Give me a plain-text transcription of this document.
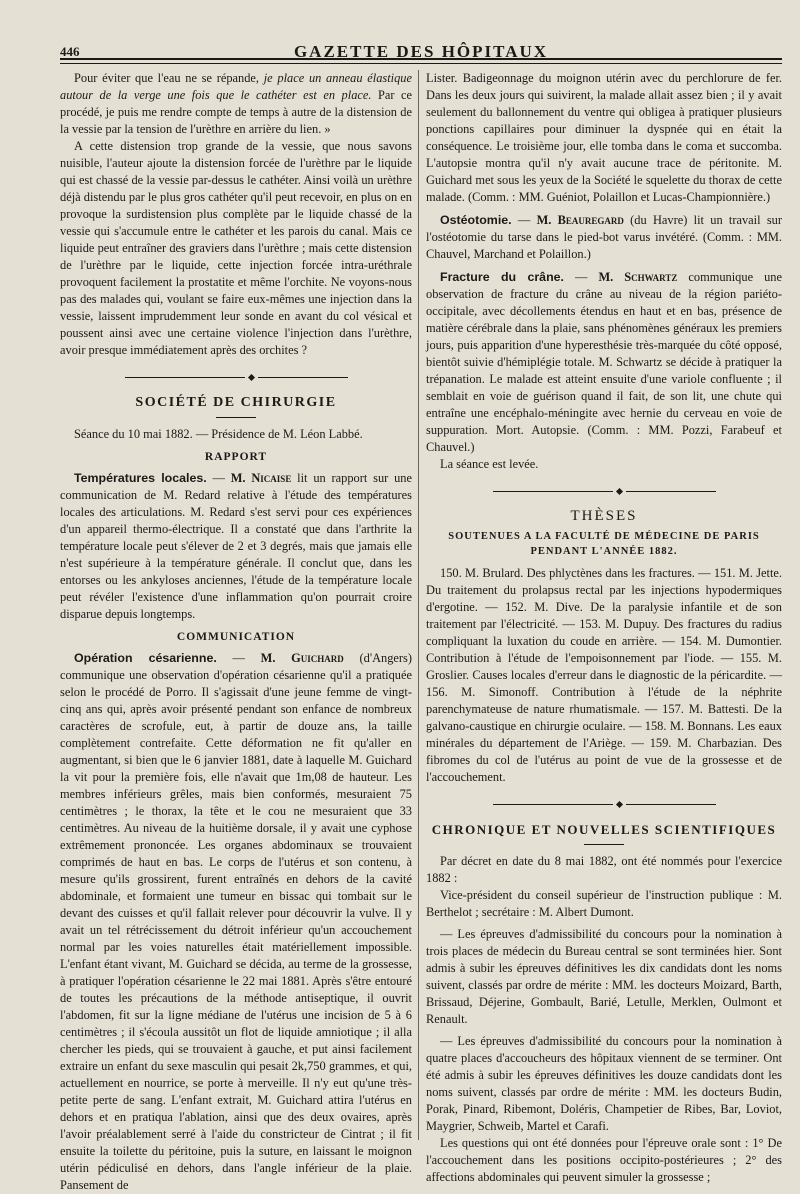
446	GAZETTE DES HÔPITAUX

Pour éviter que l'eau ne se répande, je place un anneau élastique autour de la verge une fois que le cathéter est en place. Par ce procédé, je puis me rendre compte de temps à autre de la distension de la vessie par la tension de l'urèthre en arrière du lien. »

A cette distension trop grande de la vessie, que nous savons nuisible, l'auteur ajoute la distension forcée de l'urèthre par le liquide qui est chassé de la vessie par-dessus le cathéter. Ainsi voilà un urèthre déjà distendu par le plus gros cathéter qu'il peut recevoir, en plus on en provoque la surdistension plus complète par le liquide chassé de la vessie qui s'accumule entre le cathéter et les parois du canal. Mais ce liquide peut entraîner des graviers dans l'urèthre ; mais cette distension de l'urèthre par le liquide, cette injection forcée intra-uréthrale provoquent facilement la prostatite et même l'orchite. Ne voyons-nous pas des malades qui, voulant se faire eux-mêmes une injection dans la vessie, laissent imprudemment leur sonde en avant du col vésical et poussent ainsi avec une certaine violence l'injection dans l'urèthre, avoir presque immédiatement après des orchites ?

SOCIÉTÉ DE CHIRURGIE

Séance du 10 mai 1882. — Présidence de M. Léon Labbé.

RAPPORT

Températures locales. — M. Nicaise lit un rapport sur une communication de M. Redard relative à l'étude des températures locales des articulations. M. Redard s'est servi pour ces expériences d'un appareil thermo-électrique. Il a constaté que dans l'arthrite la température locale peut s'élever de 2 et 3 degrés, mais que jamais elle n'est supérieure à la température générale. Il conclut que, dans les entorses ou les ankyloses anciennes, l'étude de la température locale peut révéler l'existence d'une inflammation qu'on pourrait croire disparue depuis longtemps.

COMMUNICATION

Opération césarienne. — M. Guichard (d'Angers) communique une observation d'opération césarienne qu'il a pratiquée selon le procédé de Porro. Il s'agissait d'une jeune femme de vingt-cinq ans qui, après avoir présenté pendant son enfance de nombreux caractères de scrofule, eut, à partir de douze ans, la taille complètement contrefaite. Cette déformation ne fit qu'aller en augmentant, si bien que le 6 janvier 1881, date à laquelle M. Guichard la vit pour la première fois, elle n'avait que 1m,08 de hauteur. Les membres inférieurs grêles, mais bien conformés, mesuraient 75 centimètres ; le thorax, la tête et le cou ne mesuraient que 33 centimètres. Au niveau de la huitième dorsale, il y avait une cyphose extrêmement prononcée. Les organes abdominaux se trouvaient comprimés de haut en bas. Le corps de l'utérus et son contenu, à mesure qu'ils grossirent, furent entraînés en dehors de la cavité abdominale, et formaient une tumeur en bissac qui tombait sur le devant des cuisses et qu'il fallait relever pour découvrir la vulve. Il y avait un tel rétrécissement du détroit inférieur qu'un accouchement normal par les voies naturelles était matériellement impossible. L'enfant étant vivant, M. Guichard se décida, au terme de la grossesse, à pratiquer l'opération césarienne le 22 mai 1881. Après s'être entouré de toutes les précautions de la méthode antiseptique, il ouvrit l'abdomen, fit sur la ligne médiane de l'utérus une incision de 5 à 6 centimètres ; il s'écoula aussitôt un flot de liquide amniotique ; il alla chercher les pieds, qui se trouvaient à gauche, et put ainsi facilement extraire un enfant du sexe masculin qui pesait 2k,750 grammes, et qui, actuellement en nourrice, se porte à merveille. Il n'y eut qu'une très-petite perte de sang. L'enfant extrait, M. Guichard attira l'utérus en dehors et en pratiqua l'ablation, ainsi que des deux ovaires, après l'avoir préalablement serré à l'aide du constricteur de Cintrat ; il fit ensuite la toilette du péritoine, puis la suture, en laissant le moignon utérin pédiculisé en dehors, dans l'angle inférieur de la plaie. Pansement de

Lister. Badigeonnage du moignon utérin avec du perchlorure de fer. Dans les deux jours qui suivirent, la malade allait assez bien ; il y avait seulement du ballonnement du ventre qui obligea à pratiquer plusieurs ponctions capillaires pour diminuer la dyspnée qui en était la conséquence. Le troisième jour, elle tomba dans le coma et succomba. L'autopsie montra qu'il n'y avait aucune trace de péritonite. M. Guichard met sous les yeux de la Société le squelette du thorax de cette malade. (Comm. : MM. Guéniot, Polaillon et Lucas-Championnière.)

Ostéotomie. — M. Beauregard (du Havre) lit un travail sur l'ostéotomie du tarse dans le pied-bot varus invétéré. (Comm. : MM. Chauvel, Marchand et Polaillon.)

Fracture du crâne. — M. Schwartz communique une observation de fracture du crâne au niveau de la région pariéto-occipitale, avec décollements étendus en haut et en bas, présence de matière cérébrale dans la plaie, sans phénomènes généraux les premiers jours, puis apparition d'une hyperesthésie très-marquée du côté opposé, bientôt suivie d'hémiplégie totale. M. Schwartz se décide à pratiquer la trépanation. Le malade est atteint ensuite d'une variole confluente ; il semblait en voie de guérison quand il fait, de son lit, une chute qui entraîne une encéphalo-méningite avec hernie du cerveau en voie de suppuration. Mort. Autopsie. (Comm. : MM. Pozzi, Farabeuf et Chauvel.)

La séance est levée.

THÈSES
SOUTENUES A LA FACULTÉ DE MÉDECINE DE PARIS
PENDANT L'ANNÉE 1882.

150. M. Brulard. Des phlyctènes dans les fractures. — 151. M. Jette. Du traitement du prolapsus rectal par les injections hypodermiques d'ergotine. — 152. M. Dive. De la paralysie infantile et de son traitement par l'électricité. — 153. M. Dupuy. Des fractures du radius compliquant la luxation du coude en arrière. — 154. M. Dumontier. Contribution à l'étude de l'empoisonnement par l'iode. — 155. M. Groslier. Causes locales d'erreur dans le diagnostic de la péricardite. — 156. M. Simonoff. Contribution à l'étude de la néphrite parenchymateuse de nature rhumatismale. — 157. M. Battesti. De la galvano-caustique en chirurgie oculaire. — 158. M. Bonnans. Les eaux minérales du département de l'Ariège. — 159. M. Charbazian. Des fibromes du col de l'utérus au point de vue de la grossesse et de l'accouchement.

CHRONIQUE ET NOUVELLES SCIENTIFIQUES

Par décret en date du 8 mai 1882, ont été nommés pour l'exercice 1882 :

Vice-président du conseil supérieur de l'instruction publique : M. Berthelot ; secrétaire : M. Albert Dumont.

— Les épreuves d'admissibilité du concours pour la nomination à trois places de médecin du Bureau central se sont terminées hier. Sont admis à subir les épreuves définitives les dix candidats dont les noms suivent, classés par ordre de mérite : MM. les docteurs Moizard, Barth, Brissaud, Déjerine, Gombault, Barié, Letulle, Merklen, Oulmont et Renault.

— Les épreuves d'admissibilité du concours pour la nomination à quatre places d'accoucheurs des hôpitaux viennent de se terminer. Ont été admis à subir les épreuves définitives les douze candidats dont les noms suivent, classés par ordre de mérite : MM. les docteurs Budin, Porak, Pinard, Ribemont, Doléris, Champetier de Ribes, Bar, Loviot, Maygrier, Schweib, Martel et Carafi.

Les questions qui ont été données pour l'épreuve orale sont : 1° De l'accouchement dans les positions occipito-postérieures ; 2° des affections abdominales qui peuvent simuler la grossesse ;
